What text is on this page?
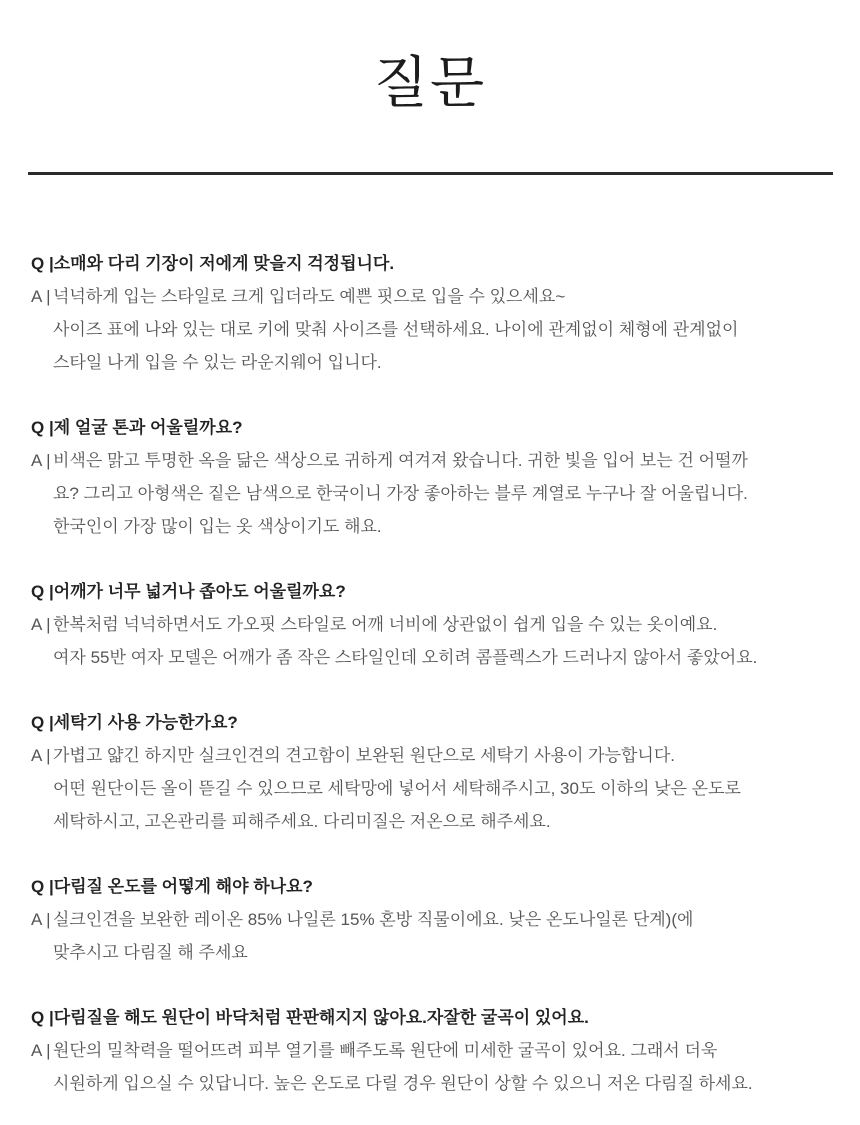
질문
Q | 소매와 다리 기장이 저에게 맞을지 걱정됩니다.
A | 넉넉하게 입는 스타일로 크게 입더라도 예쁜 핏으로 입을 수 있으세요~
사이즈 표에 나와 있는 대로 키에 맞춰 사이즈를 선택하세요. 나이에 관계없이 체형에 관계없이
스타일 나게 입을 수 있는 라운지웨어 입니다.
Q | 제 얼굴 톤과 어울릴까요?
A | 비색은 맑고 투명한 옥을 닮은 색상으로 귀하게 여겨져 왔습니다. 귀한 빛을 입어 보는 건 어떨까
요? 그리고 아형색은 짙은 남색으로 한국이니 가장 좋아하는 블루 계열로 누구나 잘 어울립니다.
한국인이 가장 많이 입는 옷 색상이기도 해요.
Q | 어깨가 너무 넓거나 좁아도 어울릴까요?
A | 한복처럼 넉넉하면서도 가오핏 스타일로 어깨 너비에 상관없이 쉽게 입을 수 있는 옷이예요.
여자 55반 여자 모델은 어깨가 좀 작은 스타일인데 오히려 콤플렉스가 드러나지 않아서 좋았어요.
Q | 세탁기 사용 가능한가요?
A | 가볍고 얇긴 하지만 실크인견의 견고함이 보완된 원단으로 세탁기 사용이 가능합니다.
어떤 원단이든 올이 뜯길 수 있으므로 세탁망에 넣어서 세탁해주시고, 30도 이하의 낮은 온도로
세탁하시고, 고온관리를 피해주세요. 다리미질은 저온으로 해주세요.
Q | 다림질 온도를 어떻게 해야 하나요?
A | 실크인견을 보완한 레이온 85% 나일론 15% 혼방 직물이에요. 낮은 온도나일론 단계)(에
맞추시고 다림질 해 주세요
Q | 다림질을 해도 원단이 바닥처럼 판판해지지 않아요.자잘한 굴곡이 있어요.
A | 원단의 밀착력을 떨어뜨려 피부 열기를 빼주도록 원단에 미세한 굴곡이 있어요. 그래서 더욱
시원하게 입으실 수 있답니다. 높은 온도로 다릴 경우 원단이 상할 수 있으니 저온 다림질 하세요.
